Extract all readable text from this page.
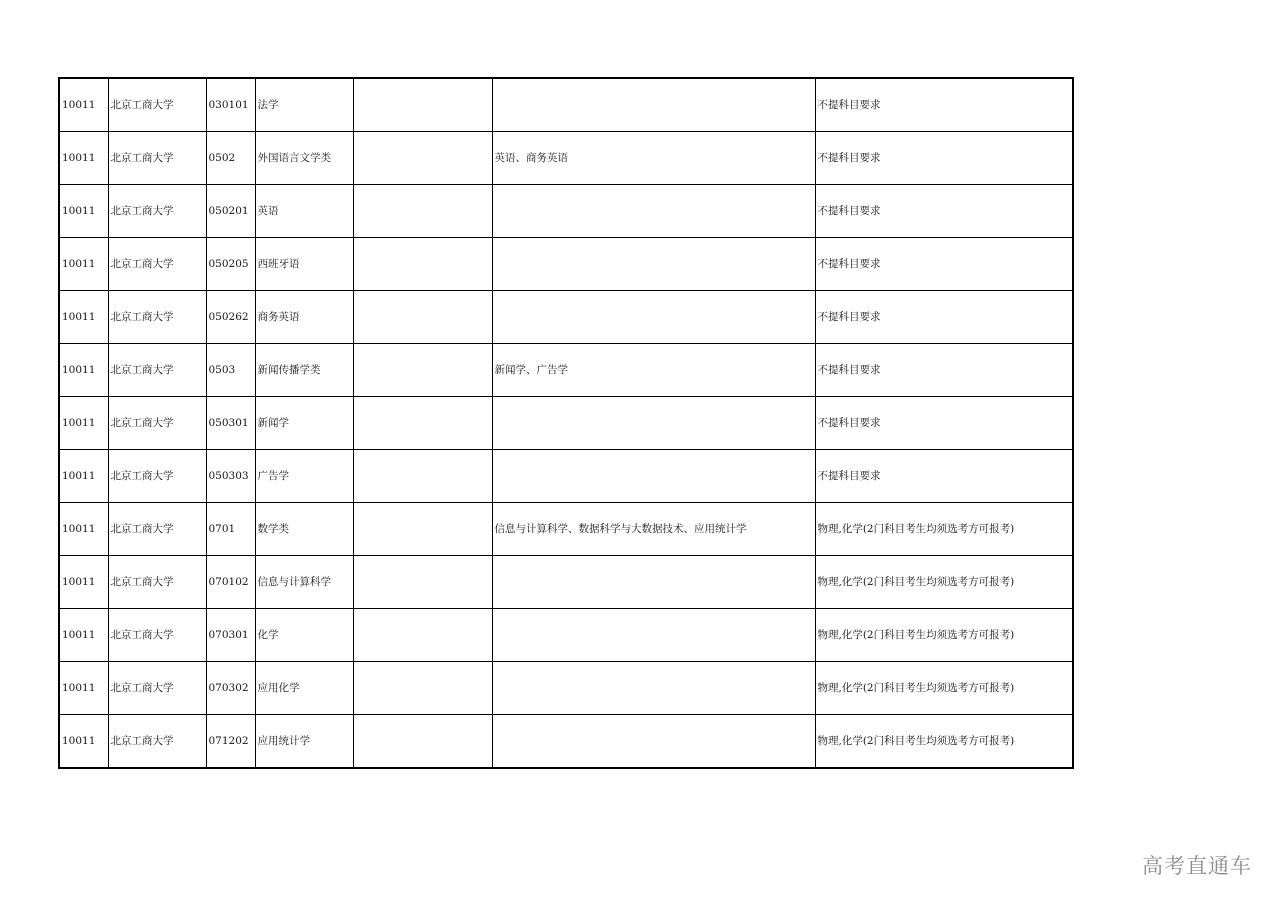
10011	北京工商大学	030101	法学			不提科目要求
10011	北京工商大学	0502	外国语言文学类		英语、商务英语	不提科目要求
10011	北京工商大学	050201	英语			不提科目要求
10011	北京工商大学	050205	西班牙语			不提科目要求
10011	北京工商大学	050262	商务英语			不提科目要求
10011	北京工商大学	0503	新闻传播学类		新闻学、广告学	不提科目要求
10011	北京工商大学	050301	新闻学			不提科目要求
10011	北京工商大学	050303	广告学			不提科目要求
10011	北京工商大学	0701	数学类		信息与计算科学、数据科学与大数据技术、应用统计学	物理,化学(2门科目考生均须选考方可报考)
10011	北京工商大学	070102	信息与计算科学			物理,化学(2门科目考生均须选考方可报考)
10011	北京工商大学	070301	化学			物理,化学(2门科目考生均须选考方可报考)
10011	北京工商大学	070302	应用化学			物理,化学(2门科目考生均须选考方可报考)
10011	北京工商大学	071202	应用统计学			物理,化学(2门科目考生均须选考方可报考)
高考直通车
